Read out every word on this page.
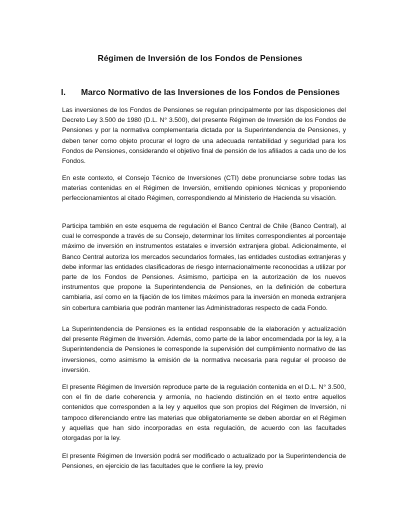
Régimen de Inversión de los Fondos de Pensiones
I. Marco Normativo de las Inversiones de los Fondos de Pensiones

Las inversiones de los Fondos de Pensiones se regulan principalmente por las disposiciones del Decreto Ley 3.500 de 1980 (D.L. N° 3.500), del presente Régimen de Inversión de los Fondos de Pensiones y por la normativa complementaria dictada por la Superintendencia de Pensiones, y deben tener como objeto procurar el logro de una adecuada rentabilidad y seguridad para los Fondos de Pensiones, considerando el objetivo final de pensión de los afiliados a cada uno de los Fondos.

En este contexto, el Consejo Técnico de Inversiones (CTI) debe pronunciarse sobre todas las materias contenidas en el Régimen de Inversión, emitiendo opiniones técnicas y proponiendo perfeccionamientos al citado Régimen, correspondiendo al Ministerio de Hacienda su visación.

Participa también en este esquema de regulación el Banco Central de Chile (Banco Central), al cual le corresponde a través de su Consejo, determinar los límites correspondientes al porcentaje máximo de inversión en instrumentos estatales e inversión extranjera global. Adicionalmente, el Banco Central autoriza los mercados secundarios formales, las entidades custodias extranjeras y debe informar las entidades clasificadoras de riesgo internacionalmente reconocidas a utilizar por parte de los Fondos de Pensiones. Asimismo, participa en la autorización de los nuevos instrumentos que propone la Superintendencia de Pensiones, en la definición de cobertura cambiaria, así como en la fijación de los límites máximos para la inversión en moneda extranjera sin cobertura cambiaria que podrán mantener las Administradoras respecto de cada Fondo.

La Superintendencia de Pensiones es la entidad responsable de la elaboración y actualización del presente Régimen de Inversión. Además, como parte de la labor encomendada por la ley, a la Superintendencia de Pensiones le corresponde la supervisión del cumplimiento normativo de las inversiones, como asimismo la emisión de la normativa necesaria para regular el proceso de inversión.

El presente Régimen de Inversión reproduce parte de la regulación contenida en el D.L. N° 3.500, con el fin de darle coherencia y armonía, no haciendo distinción en el texto entre aquellos contenidos que corresponden a la ley y aquellos que son propios del Régimen de Inversión, ni tampoco diferenciando entre las materias que obligatoriamente se deben abordar en el Régimen y aquellas que han sido incorporadas en esta regulación, de acuerdo con las facultades otorgadas por la ley.

El presente Régimen de Inversión podrá ser modificado o actualizado por la Superintendencia de Pensiones, en ejercicio de las facultades que le confiere la ley, previo
